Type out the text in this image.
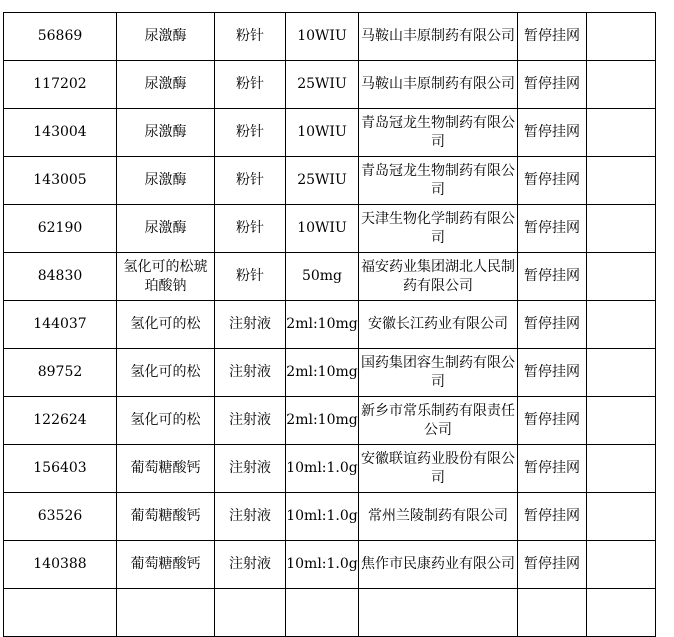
56869	尿激酶	粉针	10WIU	马鞍山丰原制药有限公司	暂停挂网	
117202	尿激酶	粉针	25WIU	马鞍山丰原制药有限公司	暂停挂网	
143004	尿激酶	粉针	10WIU	青岛冠龙生物制药有限公司	暂停挂网	
143005	尿激酶	粉针	25WIU	青岛冠龙生物制药有限公司	暂停挂网	
62190	尿激酶	粉针	10WIU	天津生物化学制药有限公司	暂停挂网	
84830	氢化可的松琥珀酸钠	粉针	50mg	福安药业集团湖北人民制药有限公司	暂停挂网	
144037	氢化可的松	注射液	2ml:10mg	安徽长江药业有限公司	暂停挂网	
89752	氢化可的松	注射液	2ml:10mg	国药集团容生制药有限公司	暂停挂网	
122624	氢化可的松	注射液	2ml:10mg	新乡市常乐制药有限责任公司	暂停挂网	
156403	葡萄糖酸钙	注射液	10ml:1.0g	安徽联谊药业股份有限公司	暂停挂网	
63526	葡萄糖酸钙	注射液	10ml:1.0g	常州兰陵制药有限公司	暂停挂网	
140388	葡萄糖酸钙	注射液	10ml:1.0g	焦作市民康药业有限公司	暂停挂网	
